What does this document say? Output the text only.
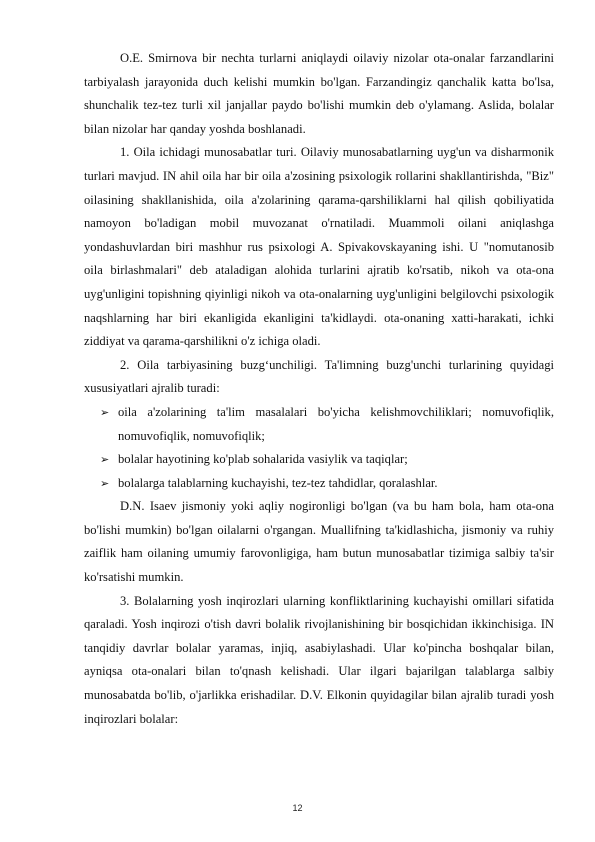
O.E. Smirnova bir nechta turlarni aniqlaydi oilaviy nizolar ota-onalar farzandlarini tarbiyalash jarayonida duch kelishi mumkin bo'lgan. Farzandingiz qanchalik katta bo'lsa, shunchalik tez-tez turli xil janjallar paydo bo'lishi mumkin deb o'ylamang. Aslida, bolalar bilan nizolar har qanday yoshda boshlanadi.

1. Oila ichidagi munosabatlar turi. Oilaviy munosabatlarning uyg'un va disharmonik turlari mavjud. IN ahil oila har bir oila a'zosining psixologik rollarini shakllantirishda, "Biz" oilasining shakllanishida, oila a'zolarining qarama-qarshiliklarni hal qilish qobiliyatida namoyon bo'ladigan mobil muvozanat o'rnatiladi. Muammoli oilani aniqlashga yondashuvlardan biri mashhur rus psixologi A. Spivakovskayaning ishi. U "nomutanosib oila birlashmalari" deb ataladigan alohida turlarini ajratib ko'rsatib, nikoh va ota-ona uyg'unligini topishning qiyinligi nikoh va ota-onalarning uyg'unligini belgilovchi psixologik naqshlarning har biri ekanligida ekanligini ta'kidlaydi. ota-onaning xatti-harakati, ichki ziddiyat va qarama-qarshilikni o'z ichiga oladi.

2. Oila tarbiyasining buzg‘unchiligi. Ta'limning buzg'unchi turlarining quyidagi xususiyatlari ajralib turadi:

➢ oila a'zolarining ta'lim masalalari bo'yicha kelishmovchiliklari; nomuvofiqlik, nomuvofiqlik, nomuvofiqlik;
➢ bolalar hayotining ko'plab sohalarida vasiylik va taqiqlar;
➢ bolalarga talablarning kuchayishi, tez-tez tahdidlar, qoralashlar.

D.N. Isaev jismoniy yoki aqliy nogironligi bo'lgan (va bu ham bola, ham ota-ona bo'lishi mumkin) bo'lgan oilalarni o'rgangan. Muallifning ta'kidlashicha, jismoniy va ruhiy zaiflik ham oilaning umumiy farovonligiga, ham butun munosabatlar tizimiga salbiy ta'sir ko'rsatishi mumkin.

3. Bolalarning yosh inqirozlari ularning konfliktlarining kuchayishi omillari sifatida qaraladi. Yosh inqirozi o'tish davri bolalik rivojlanishining bir bosqichidan ikkinchisiga. IN tanqidiy davrlar bolalar yaramas, injiq, asabiylashadi. Ular ko'pincha boshqalar bilan, ayniqsa ota-onalari bilan to'qnash kelishadi. Ular ilgari bajarilgan talablarga salbiy munosabatda bo'lib, o'jarlikka erishadilar. D.V. Elkonin quyidagilar bilan ajralib turadi yosh inqirozlari bolalar:

12
